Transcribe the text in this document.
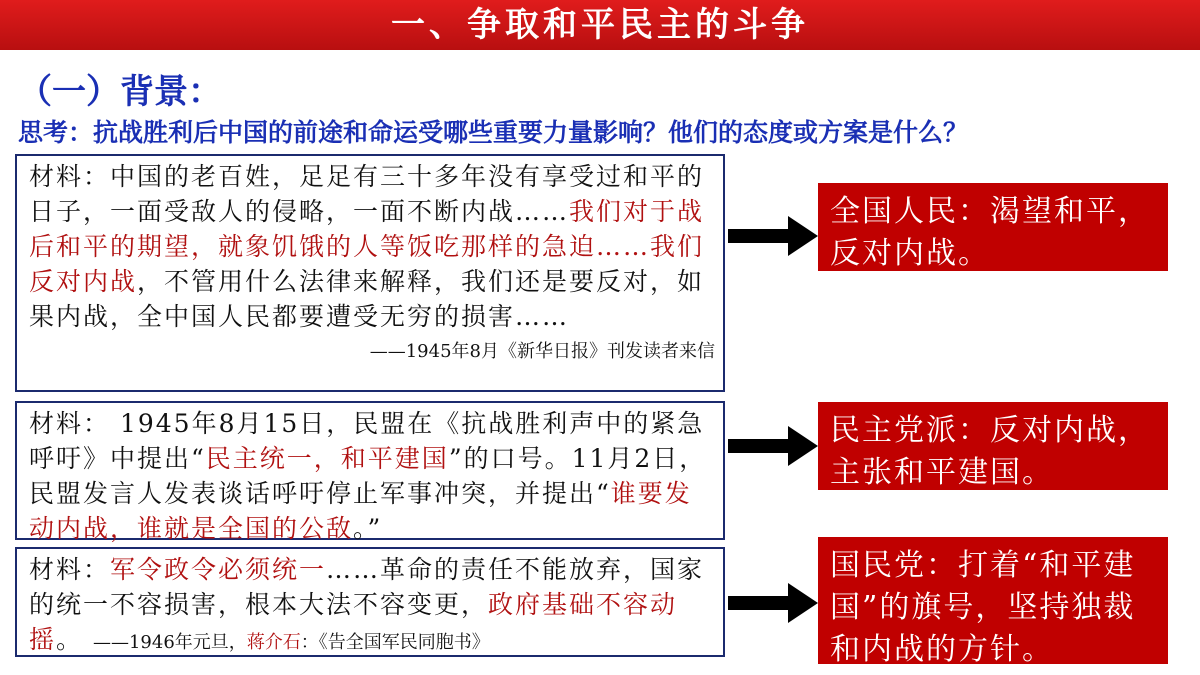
一、争取和平民主的斗争
（一）背景：
思考：抗战胜利后中国的前途和命运受哪些重要力量影响？他们的态度或方案是什么？
材料：中国的老百姓，足足有三十多年没有享受过和平的日子，一面受敌人的侵略，一面不断内战……我们对于战后和平的期望，就象饥饿的人等饭吃那样的急迫……我们反对内战，不管用什么法律来解释，我们还是要反对，如果内战，全中国人民都要遭受无穷的损害……
——1945年8月《新华日报》刊发读者来信
材料： 1945年8月15日，民盟在《抗战胜利声中的紧急呼吁》中提出“民主统一，和平建国”的口号。11月2日，民盟发言人发表谈话呼吁停止军事冲突，并提出“谁要发动内战，谁就是全国的公敌。”
材料：军令政令必须统一……革命的责任不能放弃，国家的统一不容损害，根本大法不容变更，政府基础不容动摇。 ——1946年元旦，蒋介石：《告全国军民同胞书》
全国人民：渴望和平，反对内战。
民主党派：反对内战，主张和平建国。
国民党：打着“和平建国”的旗号，坚持独裁和内战的方针。
